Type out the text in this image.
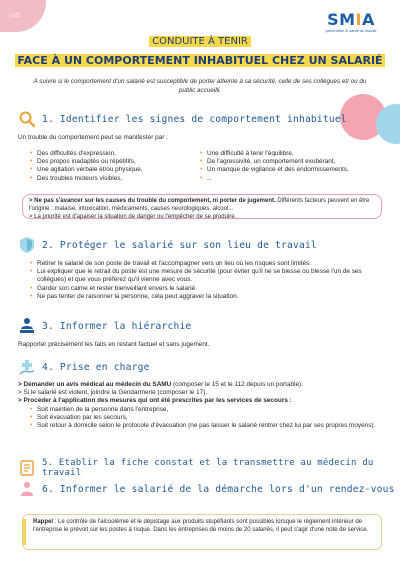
| 1/2	SMIA
prévention & santé au travail
CONDUITE À TENIR
FACE À UN COMPORTEMENT INHABITUEL CHEZ UN SALARIÉ
A suivre si le comportement d'un salarié est susceptible de porter atteinte à sa sécurité, celle de ses collègues et/ ou du public accueilli.
1. Identifier les signes de comportement inhabituel
Un trouble du comportement peut se manifester par :
• Des difficultés d'expression,
• Des propos inadaptés ou répétitifs,
• Une agitation verbale et/ou physique,
• Des troubles moteurs visibles,
• Une difficulté à tenir l'équilibre,
• De l'agressivité, un comportement exubérant,
• Un manque de vigilance et des endormissements,
• ...
> Ne pas s'avancer sur les causes du trouble du comportement, ni porter de jugement. Différents facteurs peuvent en être l'origine : malaise, intoxication, médicaments, causes neurologiques, alcool...
> La priorité est d'apaiser la situation de danger ou l'empêcher de se produire.
2. Protéger le salarié sur son lieu de travail
• Retirer le salarié de son poste de travail et l'accompagner vers un lieu où les risques sont limités.
• Lui expliquer que le retrait du poste est une mesure de sécurité (pour éviter qu'il ne se blesse ou blesse l'un de ses collègues) et que vous préférez qu'il vienne avec vous.
• Garder son calme et rester bienveillant envers le salarié.
• Ne pas tenter de raisonner la personne, cela peut aggraver la situation.
3. Informer la hiérarchie
Rapporter précisément les faits en restant factuel et sans jugement.
4. Prise en charge
> Demander un avis médical au médecin du SAMU (composer le 15 et le 112 depuis un portable).
> Si le salarié est violent, joindre la Gendarmerie (composer le 17).
> Procéder à l'application des mesures qui ont été prescrites par les services de secours :
• Soit maintien de la personne dans l'entreprise,
• Soit évacuation par les secours,
• Soit retour à domicile selon le protocole d'évacuation (ne pas laisser le salarié rentrer chez lui par ses propres moyens).
5. Etablir la fiche constat et la transmettre au médecin du travail
6. Informer le salarié de la démarche lors d'un rendez-vous
Rappel : Le contrôle de l'alcoolémie et le dépistage aux produits stupéfiants sont possibles lorsque le règlement intérieur de l'entreprise le prévoit sur les postes à risque. Dans les entreprises de moins de 20 salariés, il peut s'agir d'une note de service.
